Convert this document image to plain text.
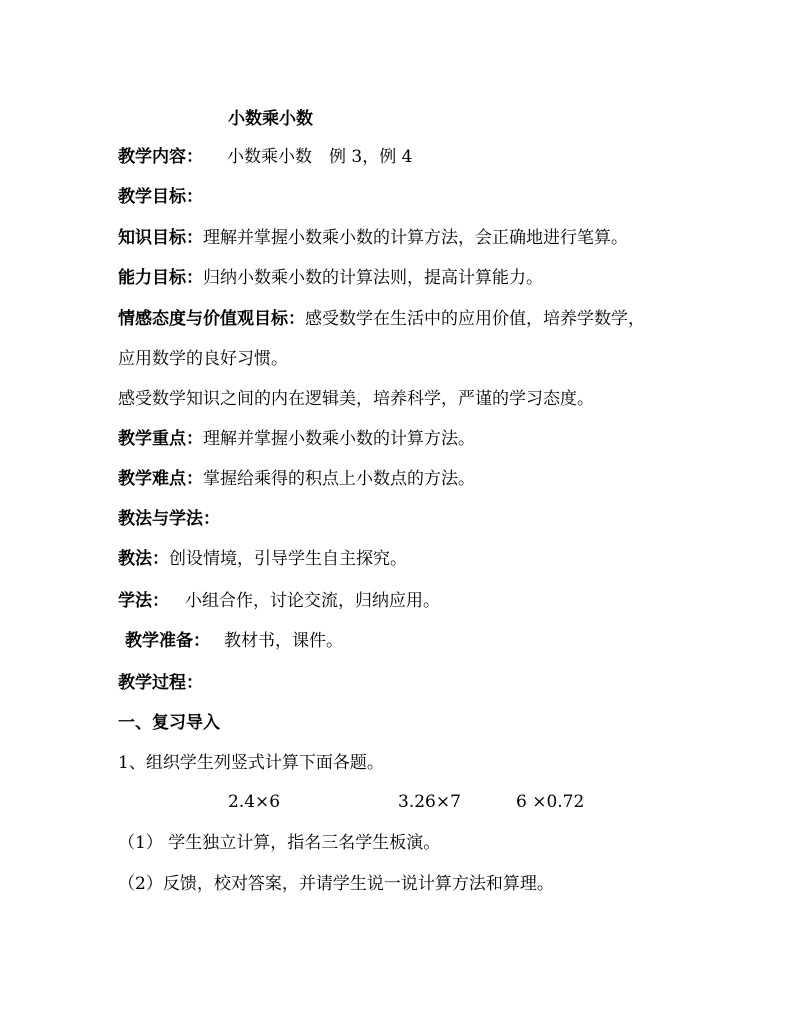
小数乘小数
教学内容： 小数乘小数　例 3，例 4
教学目标：
知识目标：理解并掌握小数乘小数的计算方法，会正确地进行笔算。
能力目标：归纳小数乘小数的计算法则，提高计算能力。
情感态度与价值观目标：感受数学在生活中的应用价值，培养学数学，
应用数学的良好习惯。
感受数学知识之间的内在逻辑美，培养科学，严谨的学习态度。
教学重点：理解并掌握小数乘小数的计算方法。
教学难点：掌握给乘得的积点上小数点的方法。
教法与学法：
教法：创设情境，引导学生自主探究。
学法： 小组合作，讨论交流，归纳应用。
教学准备： 教材书，课件。
教学过程：
一、复习导入
1、组织学生列竖式计算下面各题。
2.4×6	3.26×7	6 ×0.72
（1） 学生独立计算，指名三名学生板演。
（2）反馈，校对答案，并请学生说一说计算方法和算理。
